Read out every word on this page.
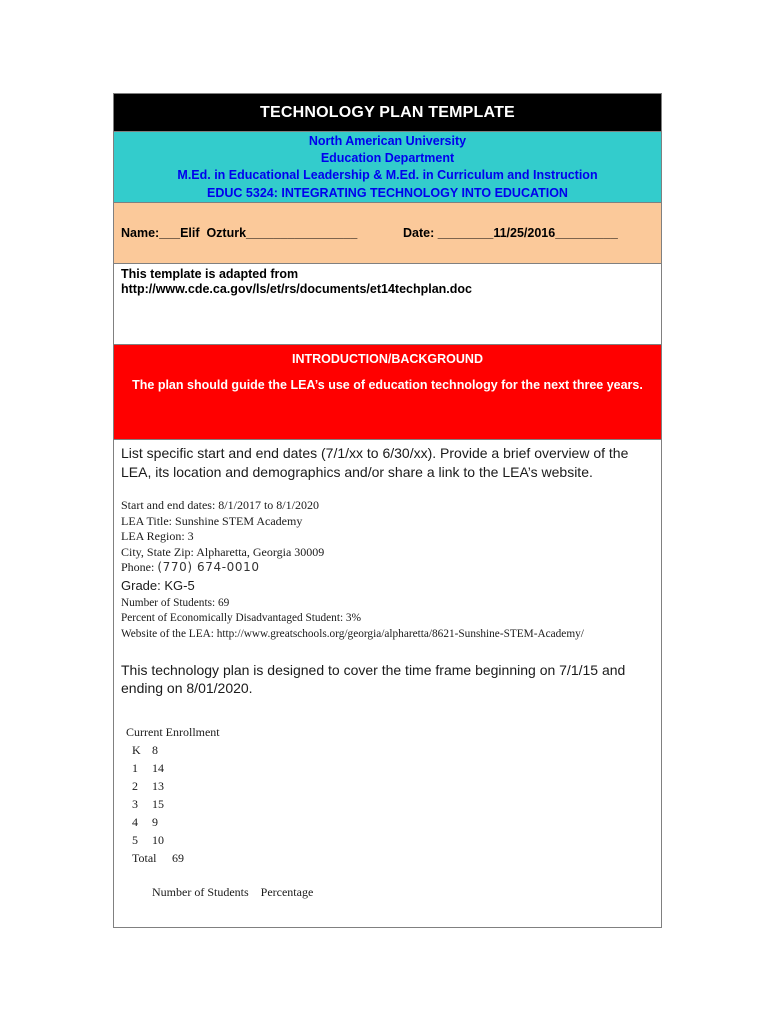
TECHNOLOGY PLAN TEMPLATE
North American University
Education Department
M.Ed. in Educational Leadership & M.Ed. in Curriculum and Instruction
EDUC 5324: INTEGRATING TECHNOLOGY INTO EDUCATION
Name:___Elif  Ozturk________________	Date: ________11/25/2016_________
This template is adapted from
http://www.cde.ca.gov/ls/et/rs/documents/et14techplan.doc
INTRODUCTION/BACKGROUND
The plan should guide the LEA’s use of education technology for the next three years.
List specific start and end dates (7/1/xx to 6/30/xx). Provide a brief overview of the LEA, its location and demographics and/or share a link to the LEA’s website.
Start and end dates: 8/1/2017 to 8/1/2020
LEA Title: Sunshine STEM Academy
LEA Region: 3
City, State Zip: Alpharetta, Georgia 30009
Phone: (770) 674-0010
Grade: KG-5
Number of Students: 69
Percent of Economically Disadvantaged Student: 3%
Website of the LEA: http://www.greatschools.org/georgia/alpharetta/8621-Sunshine-STEM-Academy/
This technology plan is designed to cover the time frame beginning on 7/1/15 and ending on 8/01/2020.
Current Enrollment
K 8
1	14
2	13
3	15
4	9
5	10
Total	69
Number of Students    Percentage
